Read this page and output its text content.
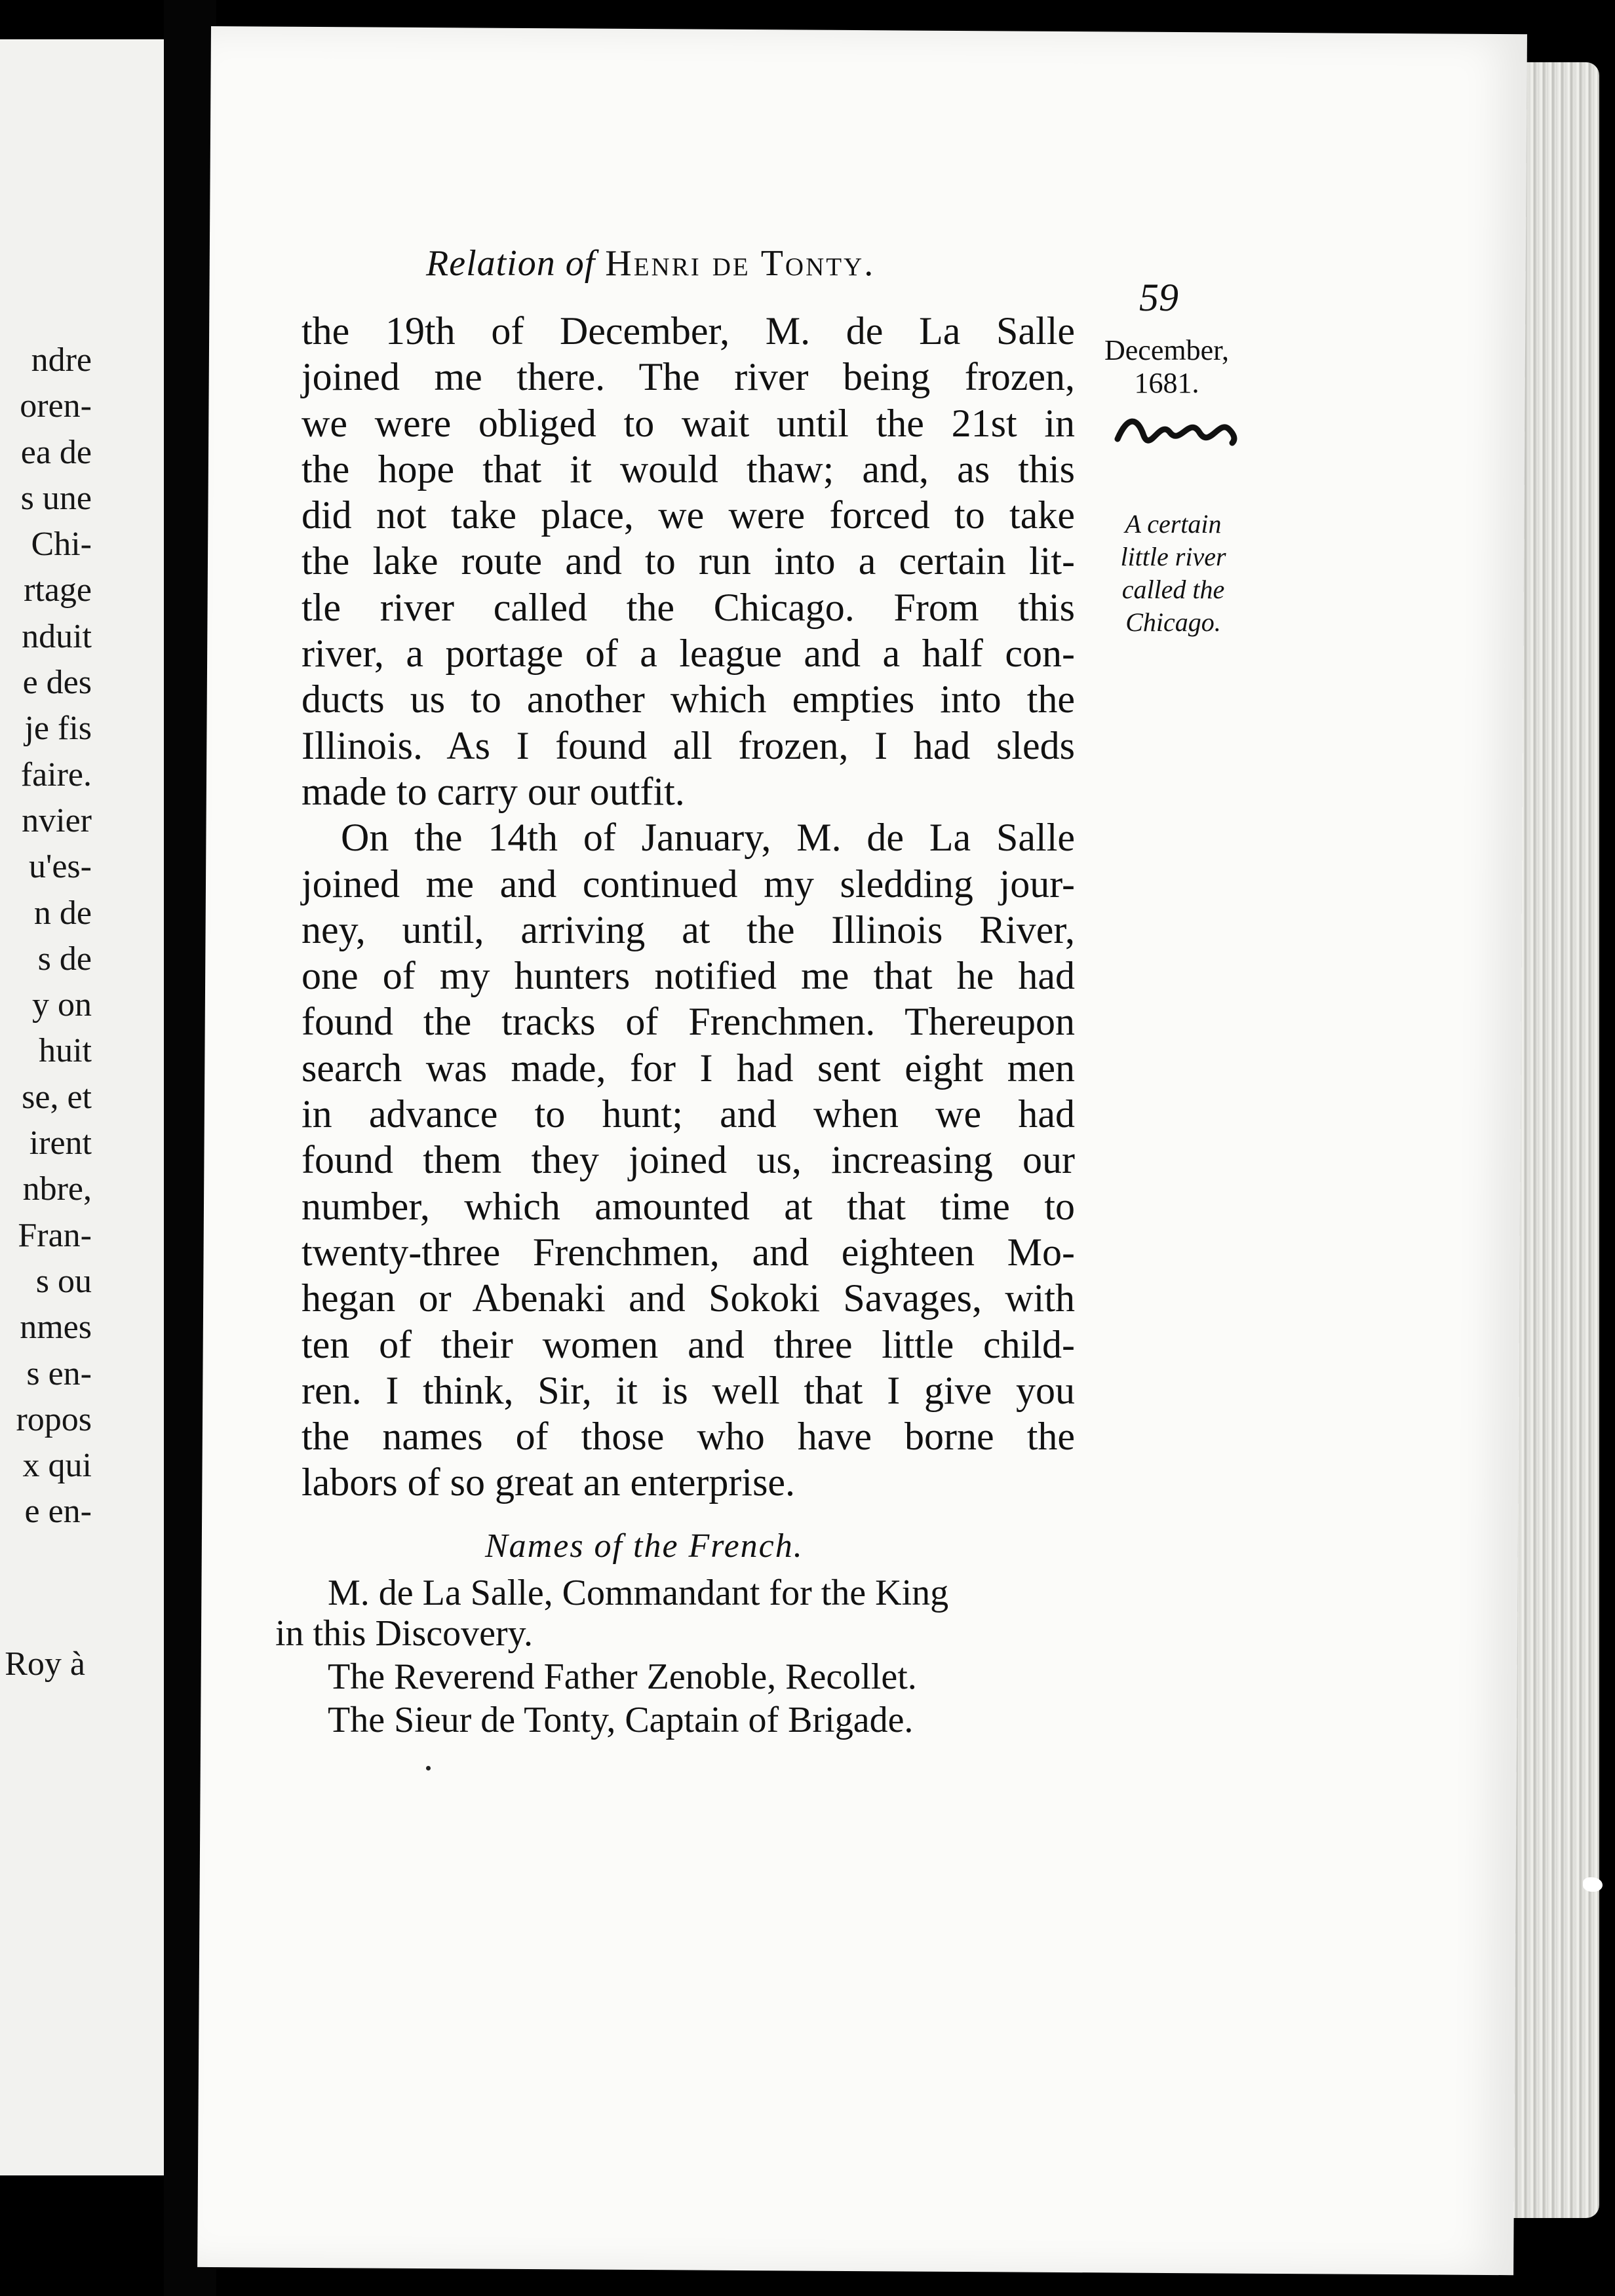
ndre
oren-
ea de
s une
Chi-
rtage
nduit
e des
je fis
faire.
nvier
u'es-
n de
s de
y on
huit
se, et
irent
nbre,
Fran-
s ou
nmes
s en-
ropos
x qui
e en-
Roy à
Relation of Henri de Tonty.
59
December,
1681.
A certain
little river
called the
Chicago.
the 19th of December, M. de La Salle
joined me there. The river being frozen,
we were obliged to wait until the 21st in
the hope that it would thaw; and, as this
did not take place, we were forced to take
the lake route and to run into a certain lit-
tle river called the Chicago. From this
river, a portage of a league and a half con-
ducts us to another which empties into the
Illinois. As I found all frozen, I had sleds
made to carry our outfit.
On the 14th of January, M. de La Salle
joined me and continued my sledding jour-
ney, until, arriving at the Illinois River,
one of my hunters notified me that he had
found the tracks of Frenchmen. Thereupon
search was made, for I had sent eight men
in advance to hunt; and when we had
found them they joined us, increasing our
number, which amounted at that time to
twenty-three Frenchmen, and eighteen Mo-
hegan or Abenaki and Sokoki Savages, with
ten of their women and three little child-
ren. I think, Sir, it is well that I give you
the names of those who have borne the
labors of so great an enterprise.
Names of the French.
M. de La Salle, Commandant for the King
in this Discovery.
The Reverend Father Zenoble, Recollet.
The Sieur de Tonty, Captain of Brigade.
